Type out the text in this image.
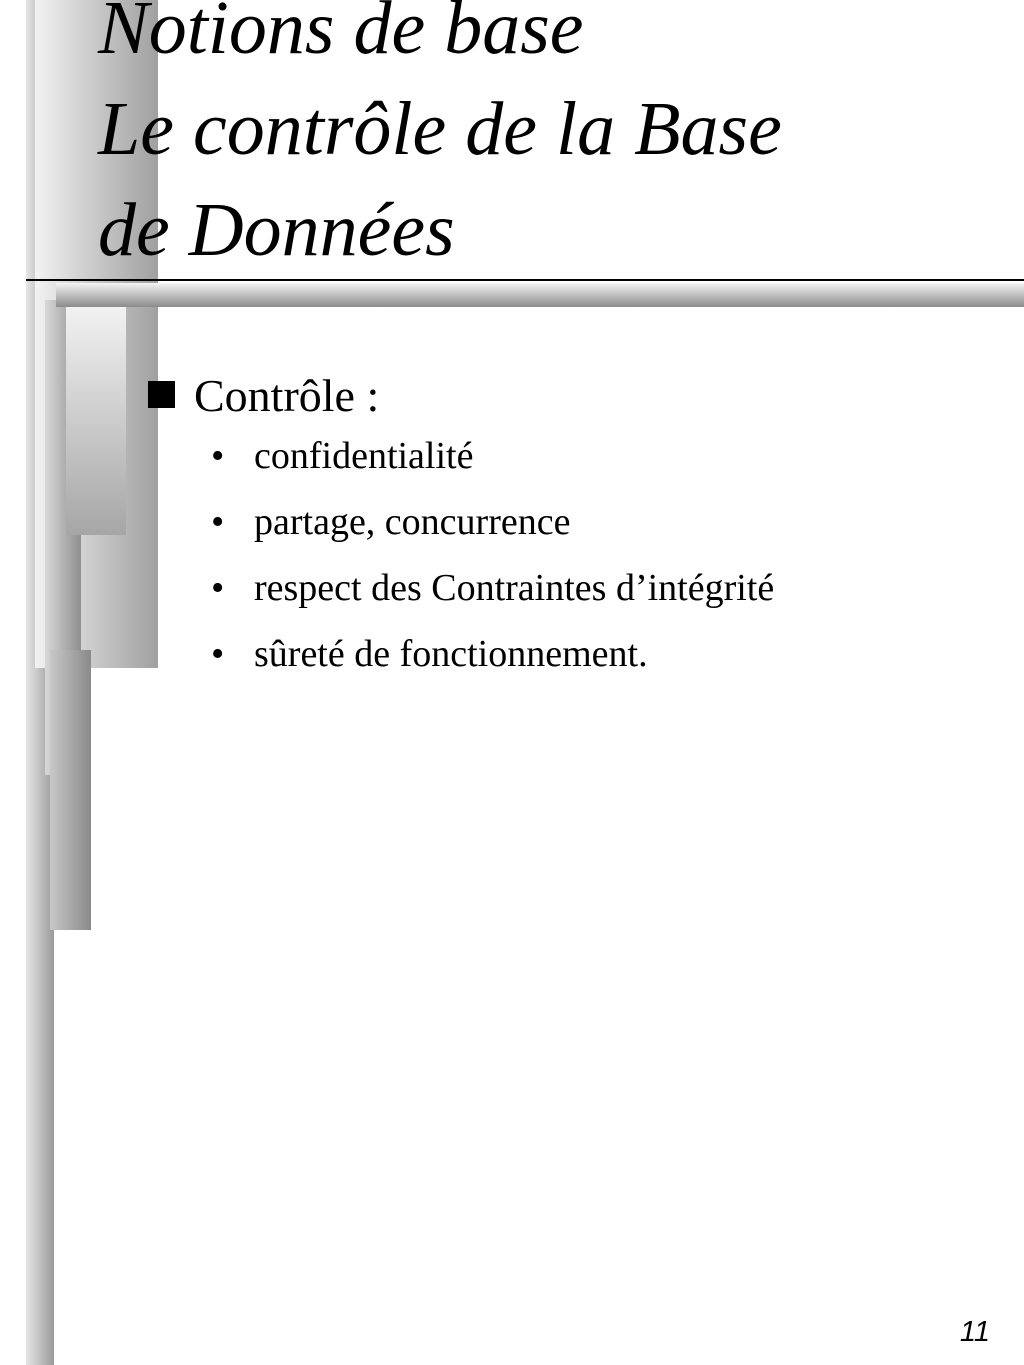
Notions de base
Le contrôle de la Base
de Données
Contrôle :
• confidentialité
• partage, concurrence
• respect des Contraintes d’intégrité
• sûreté de fonctionnement.
11
